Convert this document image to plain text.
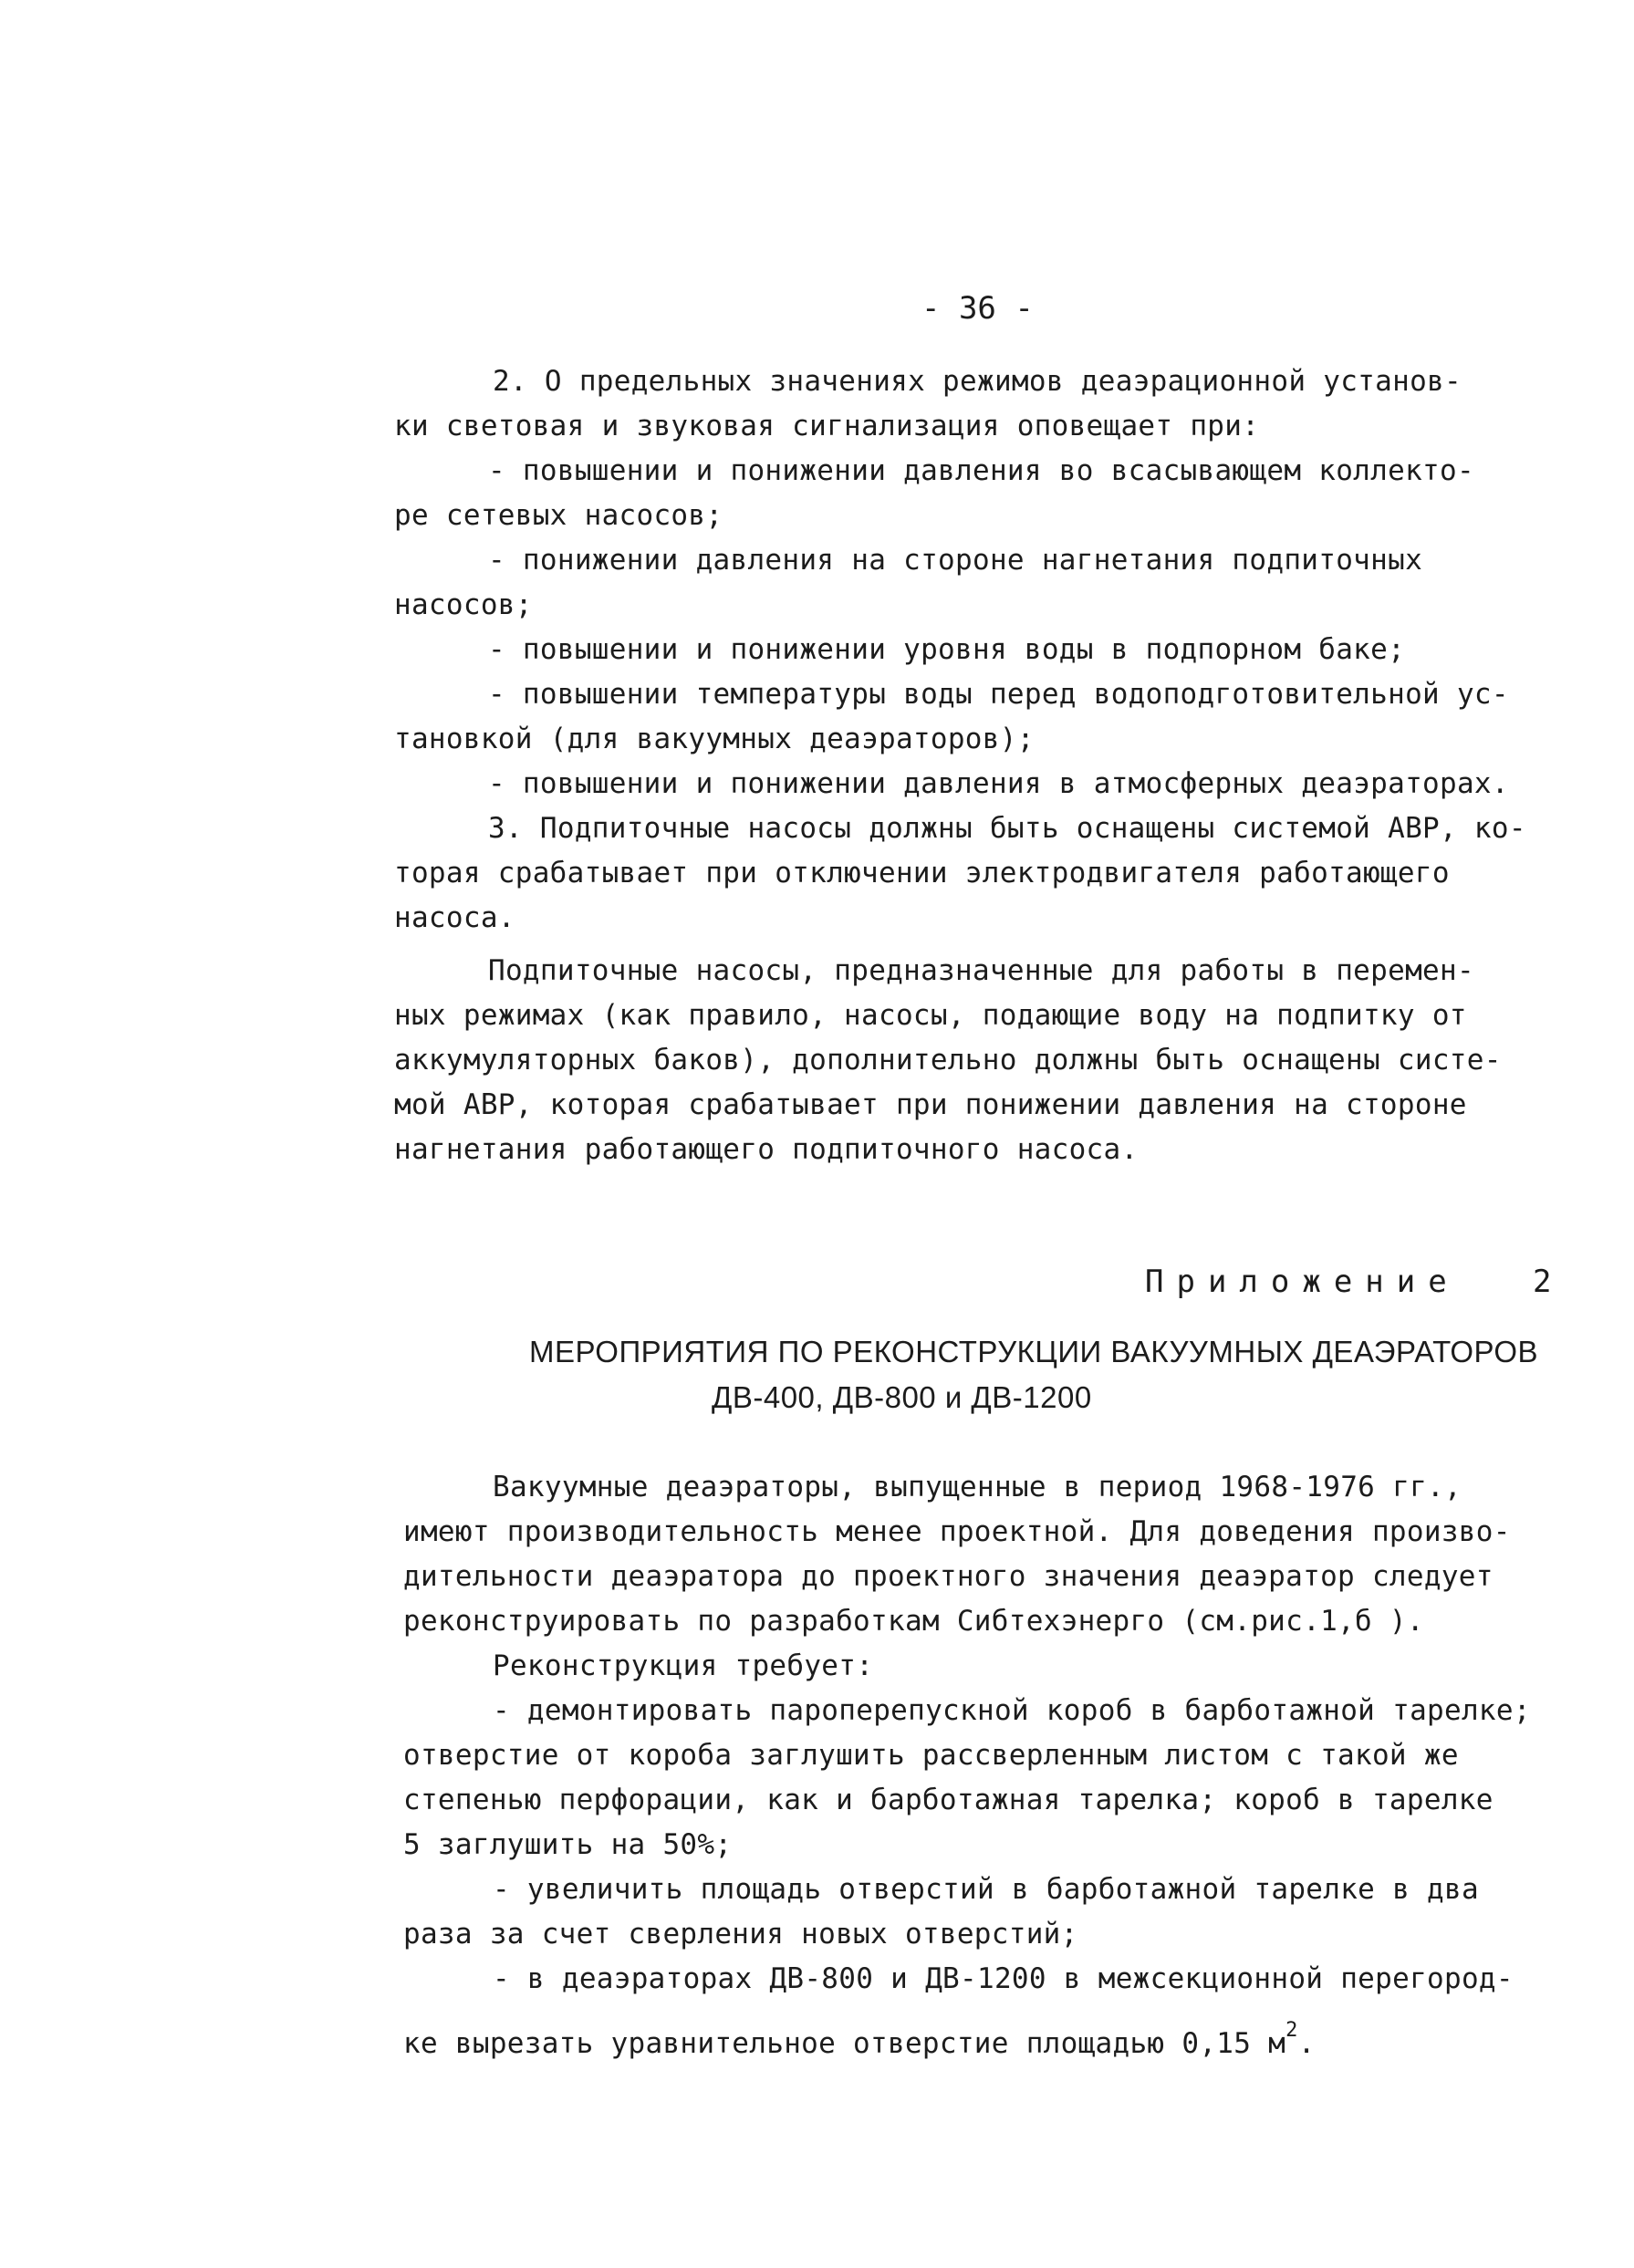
- 36 -
2. О предельных значениях режимов деаэрационной установ-
ки световая и звуковая сигнализация оповещает при:
- повышении и понижении давления во всасывающем коллекто-
ре сетевых насосов;
- понижении давления на стороне нагнетания подпиточных
насосов;
- повышении и понижении уровня воды в подпорном баке;
- повышении температуры воды перед водоподготовительной ус-
тановкой (для вакуумных деаэраторов);
- повышении и понижении давления в атмосферных деаэраторах.
3. Подпиточные насосы должны быть оснащены системой АВР, ко-
торая срабатывает при отключении электродвигателя работающего
насоса.
Подпиточные насосы, предназначенные для работы в перемен-
ных режимах (как правило, насосы, подающие воду на подпитку от
аккумуляторных баков), дополнительно должны быть оснащены систе-
мой АВР, которая срабатывает при понижении давления на стороне
нагнетания работающего подпиточного насоса.
Приложение 2
МЕРОПРИЯТИЯ ПО РЕКОНСТРУКЦИИ ВАКУУМНЫХ ДЕАЭРАТОРОВ
ДВ-400, ДВ-800 и ДВ-1200
Вакуумные деаэраторы, выпущенные в период 1968-1976 гг.,
имеют производительность менее проектной. Для доведения произво-
дительности деаэратора до проектного значения деаэратор следует
реконструировать по разработкам Сибтехэнерго (см.рис.1,б ).
Реконструкция требует:
- демонтировать пароперепускной короб в барботажной тарелке;
отверстие от короба заглушить рассверленным листом с такой же
степенью перфорации, как и барботажная тарелка; короб в тарелке
5 заглушить на 50%;
- увеличить площадь отверстий в барботажной тарелке в два
раза за счет сверления новых отверстий;
- в деаэраторах ДВ-800 и ДВ-1200 в межсекционной перегород-
ке вырезать уравнительное отверстие площадью 0,15 $м^2$.
